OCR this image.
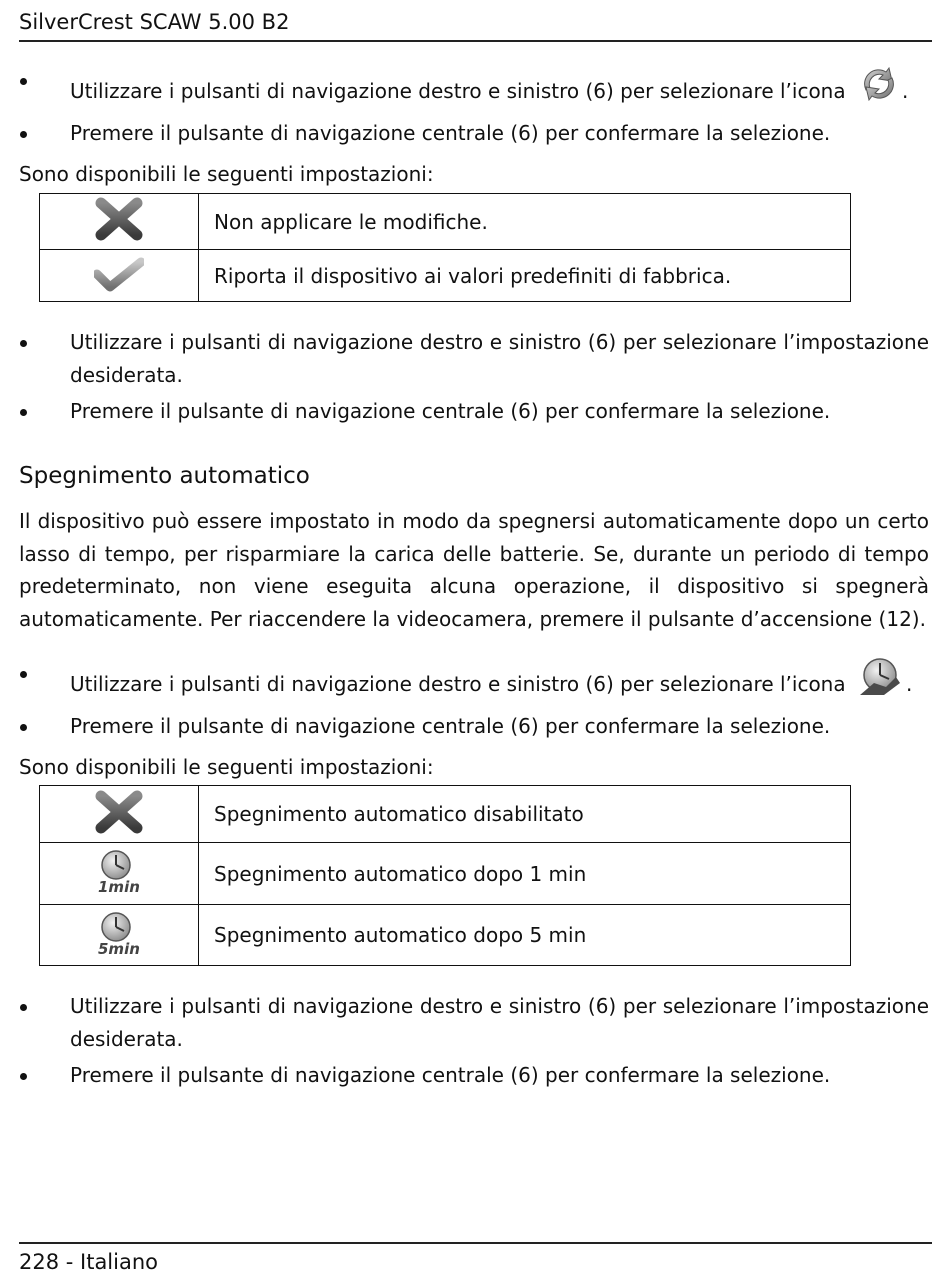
SilverCrest SCAW 5.00 B2
Utilizzare i pulsanti di navigazione destro e sinistro (6) per selezionare l’icona	.
Premere il pulsante di navigazione centrale (6) per confermare la selezione.

Sono disponibili le seguenti impostazioni:

	Non applicare le modifiche.
	Riporta il dispositivo ai valori predefiniti di fabbrica.
Utilizzare i pulsanti di navigazione destro e sinistro (6) per selezionare l’impostazione desiderata.
Premere il pulsante di navigazione centrale (6) per confermare la selezione.
Spegnimento automatico

Il dispositivo può essere impostato in modo da spegnersi automaticamente dopo un certo lasso di tempo, per risparmiare la carica delle batterie. Se, durante un periodo di tempo predeterminato, non viene eseguita alcuna operazione, il dispositivo si spegnerà automaticamente. Per riaccendere la videocamera, premere il pulsante d’accensione (12).

Utilizzare i pulsanti di navigazione destro e sinistro (6) per selezionare l’icona	.
Premere il pulsante di navigazione centrale (6) per confermare la selezione.

Sono disponibili le seguenti impostazioni:

	Spegnimento automatico disabilitato

1min	Spegnimento automatico dopo 1 min

5min	Spegnimento automatico dopo 5 min
Utilizzare i pulsanti di navigazione destro e sinistro (6) per selezionare l’impostazione desiderata.
Premere il pulsante di navigazione centrale (6) per confermare la selezione.
228 - Italiano
